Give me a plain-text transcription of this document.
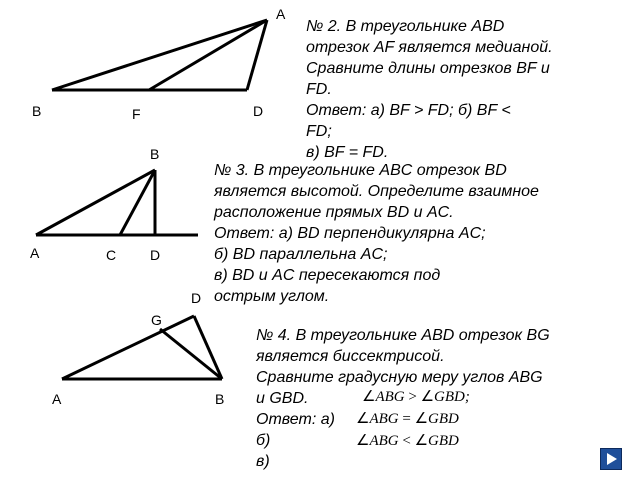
A
B	F	D
№ 2. В треугольнике ABD
отрезок AF является медианой.
Сравните длины отрезков BF и
FD.
Ответ: а) BF > FD; б) BF <
FD;
в) BF = FD.
B
A	C D
№ 3. В треугольнике ABC отрезок BD
является высотой. Определите взаимное
расположение прямых BD и AC.
Ответ: а) BD перпендикулярна AC;
б) BD параллельна AC;
в) BD и AC пересекаются под
острым углом.
D
G
A	B
№ 4. В треугольнике ABD отрезок BG
является биссектрисой.
Сравните градусную меру углов ABG
и GBD.
Ответ: а)
б)
в)
∠ABG > ∠GBD;
∠ABG = ∠GBD
∠ABG < ∠GBD
